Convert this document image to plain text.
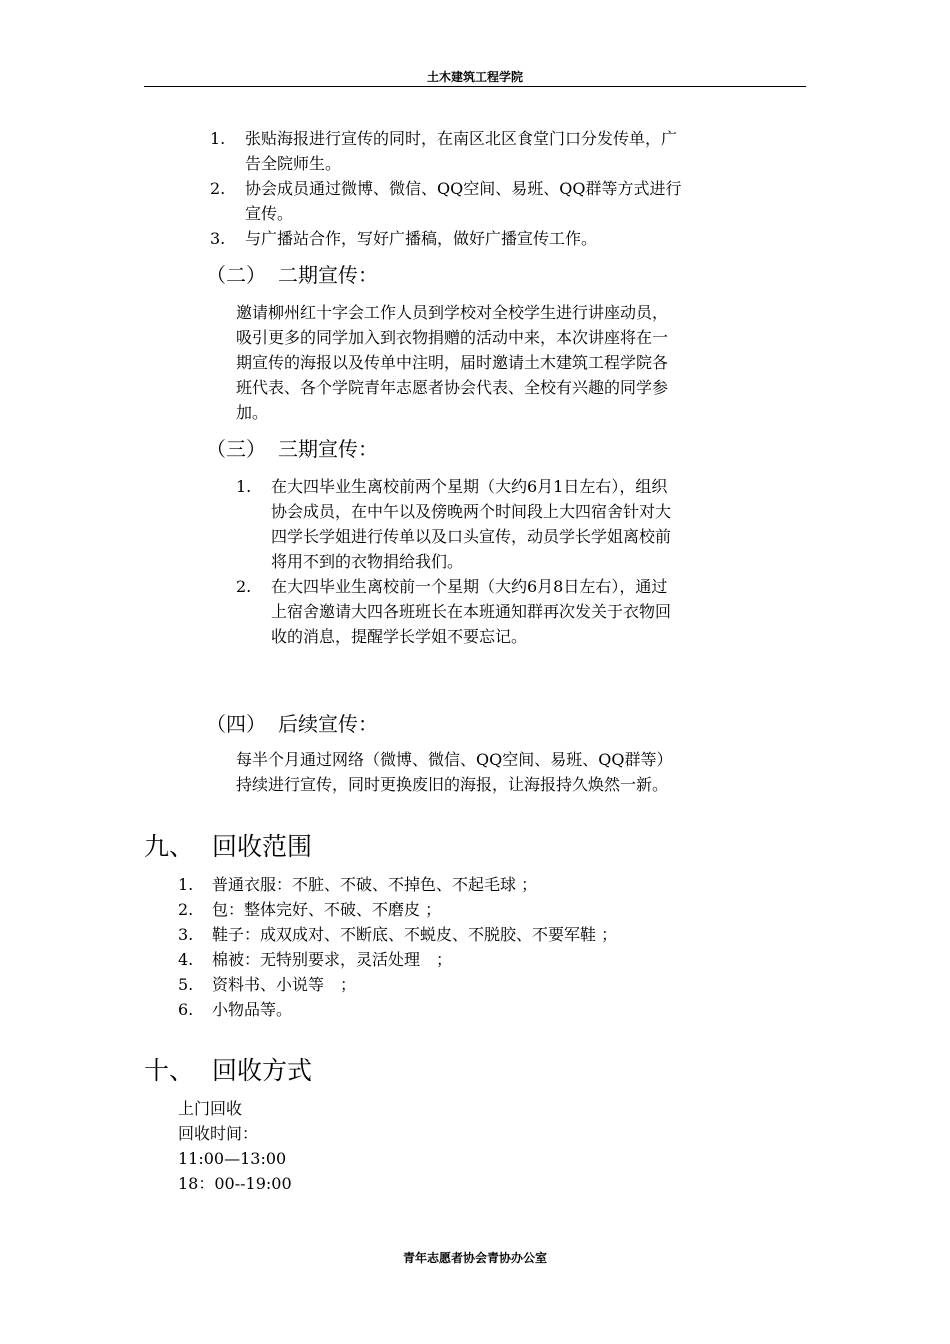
土木建筑工程学院
1. 张贴海报进行宣传的同时，在南区北区食堂门口分发传单，广告全院师生。
2. 协会成员通过微博、微信、QQ空间、易班、QQ群等方式进行宣传。
3. 与广播站合作，写好广播稿，做好广播宣传工作。
（二） 二期宣传：

邀请柳州红十字会工作人员到学校对全校学生进行讲座动员，吸引更多的同学加入到衣物捐赠的活动中来，本次讲座将在一期宣传的海报以及传单中注明，届时邀请土木建筑工程学院各班代表、各个学院青年志愿者协会代表、全校有兴趣的同学参加。

（三） 三期宣传：
1. 在大四毕业生离校前两个星期（大约6月1日左右），组织协会成员，在中午以及傍晚两个时间段上大四宿舍针对大四学长学姐进行传单以及口头宣传，动员学长学姐离校前将用不到的衣物捐给我们。
2. 在大四毕业生离校前一个星期（大约6月8日左右），通过上宿舍邀请大四各班班长在本班通知群再次发关于衣物回收的消息，提醒学长学姐不要忘记。
（四） 后续宣传：

每半个月通过网络（微博、微信、QQ空间、易班、QQ群等）持续进行宣传，同时更换废旧的海报，让海报持久焕然一新。

九、 回收范围
1. 普通衣服：不脏、不破、不掉色、不起毛球 ；
2. 包：整体完好、不破、不磨皮 ；
3. 鞋子：成双成对、不断底、不蜕皮、不脱胶、不要军鞋 ；
4. 棉被：无特别要求，灵活处理　；
5. 资料书、小说等　；
6. 小物品等。
十、 回收方式
上门回收
回收时间：
11:00—13:00
18：00--19:00
青年志愿者协会青协办公室
